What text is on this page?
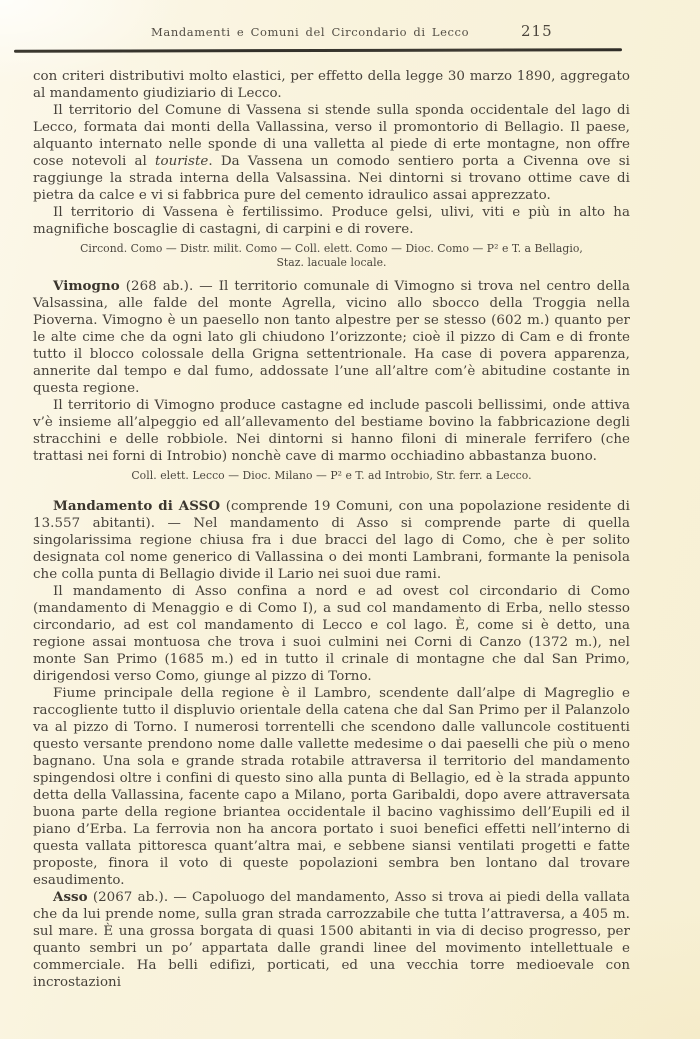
Mandamenti e Comuni del Circondario di Lecco	215

con criteri distributivi molto elastici, per effetto della legge 30 marzo 1890, aggregato al mandamento giudiziario di Lecco.

Il territorio del Comune di Vassena si stende sulla sponda occidentale del lago di Lecco, formata dai monti della Vallassina, verso il promontorio di Bellagio. Il paese, alquanto internato nelle sponde di una valletta al piede di erte montagne, non offre cose notevoli al touriste. Da Vassena un comodo sentiero porta a Civenna ove si raggiunge la strada interna della Valsassina. Nei dintorni si trovano ottime cave di pietra da calce e vi si fabbrica pure del cemento idraulico assai apprezzato.

Il territorio di Vassena è fertilissimo. Produce gelsi, ulivi, viti e più in alto ha magnifiche boscaglie di castagni, di carpini e di rovere.

Circond. Como — Distr. milit. Como — Coll. elett. Como — Dioc. Como — P² e T. a Bellagio,
Staz. lacuale locale.

Vimogno (268 ab.). — Il territorio comunale di Vimogno si trova nel centro della Valsassina, alle falde del monte Agrella, vicino allo sbocco della Troggia nella Pioverna. Vimogno è un paesello non tanto alpestre per se stesso (602 m.) quanto per le alte cime che da ogni lato gli chiudono l’orizzonte; cioè il pizzo di Cam e di fronte tutto il blocco colossale della Grigna settentrionale. Ha case di povera apparenza, annerite dal tempo e dal fumo, addossate l’une all’altre com’è abitudine costante in questa regione.

Il territorio di Vimogno produce castagne ed include pascoli bellissimi, onde attiva v’è insieme all’alpeggio ed all’allevamento del bestiame bovino la fabbricazione degli stracchini e delle robbiole. Nei dintorni si hanno filoni di minerale ferrifero (che trattasi nei forni di Introbio) nonchè cave di marmo occhiadino abbastanza buono.

Coll. elett. Lecco — Dioc. Milano — P² e T. ad Introbio, Str. ferr. a Lecco.

Mandamento di ASSO (comprende 19 Comuni, con una popolazione residente di 13.557 abitanti). — Nel mandamento di Asso si comprende parte di quella singolarissima regione chiusa fra i due bracci del lago di Como, che è per solito designata col nome generico di Vallassina o dei monti Lambrani, formante la penisola che colla punta di Bellagio divide il Lario nei suoi due rami.

Il mandamento di Asso confina a nord e ad ovest col circondario di Como (mandamento di Menaggio e di Como I), a sud col mandamento di Erba, nello stesso circondario, ad est col mandamento di Lecco e col lago. È, come si è detto, una regione assai montuosa che trova i suoi culmini nei Corni di Canzo (1372 m.), nel monte San Primo (1685 m.) ed in tutto il crinale di montagne che dal San Primo, dirigendosi verso Como, giunge al pizzo di Torno.

Fiume principale della regione è il Lambro, scendente dall’alpe di Magreglio e raccogliente tutto il displuvio orientale della catena che dal San Primo per il Palanzolo va al pizzo di Torno. I numerosi torrentelli che scendono dalle valluncole costituenti questo versante prendono nome dalle vallette medesime o dai paeselli che più o meno bagnano. Una sola e grande strada rotabile attraversa il territorio del mandamento spingendosi oltre i confini di questo sino alla punta di Bellagio, ed è la strada appunto detta della Vallassina, facente capo a Milano, porta Garibaldi, dopo avere attraversata buona parte della regione briantea occidentale il bacino vaghissimo dell’Eupili ed il piano d’Erba. La ferrovia non ha ancora portato i suoi benefici effetti nell’interno di questa vallata pittoresca quant’altra mai, e sebbene siansi ventilati progetti e fatte proposte, finora il voto di queste popolazioni sembra ben lontano dal trovare esaudimento.

Asso (2067 ab.). — Capoluogo del mandamento, Asso si trova ai piedi della vallata che da lui prende nome, sulla gran strada carrozzabile che tutta l’attraversa, a 405 m. sul mare. È una grossa borgata di quasi 1500 abitanti in via di deciso progresso, per quanto sembri un po’ appartata dalle grandi linee del movimento intellettuale e commerciale. Ha belli edifizi, porticati, ed una vecchia torre medioevale con incrostazioni
